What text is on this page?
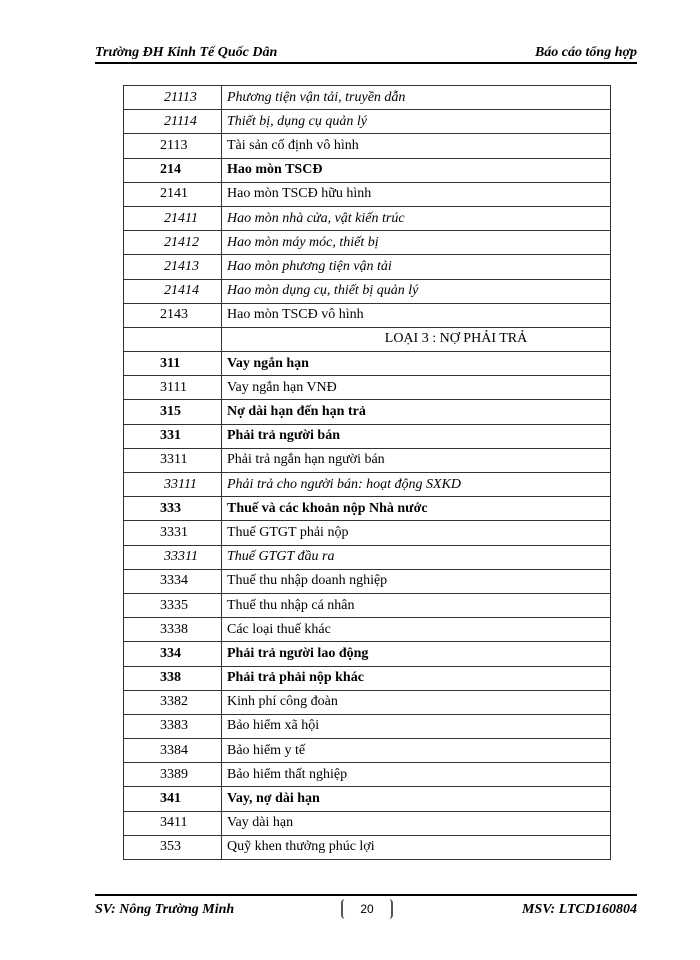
Trường ĐH Kinh Tế Quốc Dân	Báo cáo tổng hợp
21113	Phương tiện vận tải, truyền dẫn
21114	Thiết bị, dụng cụ quản lý
2113	Tài sản cố định vô hình
214	Hao mòn TSCĐ
2141	Hao mòn TSCĐ hữu hình
21411	Hao mòn nhà cửa, vật kiến trúc
21412	Hao mòn máy móc, thiết bị
21413	Hao mòn phương tiện vận tải
21414	Hao mòn dụng cụ, thiết bị quản lý
2143	Hao mòn TSCĐ vô hình
	LOẠI 3 : NỢ PHẢI TRẢ
311	Vay ngắn hạn
3111	Vay ngắn hạn VNĐ
315	Nợ dài hạn đến hạn trả
331	Phải trả người bán
3311	Phải trả ngắn hạn người bán
33111	Phải trả cho người bán: hoạt động SXKD
333	Thuế và các khoản nộp Nhà nước
3331	Thuế GTGT phải nộp
33311	Thuế GTGT đầu ra
3334	Thuế thu nhập doanh nghiệp
3335	Thuế thu nhập cá nhân
3338	Các loại thuế khác
334	Phải trả người lao động
338	Phải trả phải nộp khác
3382	Kinh phí công đoàn
3383	Bảo hiểm xã hội
3384	Bảo hiểm y tế
3389	Bảo hiểm thất nghiệp
341	Vay, nợ dài hạn
3411	Vay dài hạn
353	Quỹ khen thưởng phúc lợi
SV: Nông Trường Minh	20	MSV: LTCD160804
